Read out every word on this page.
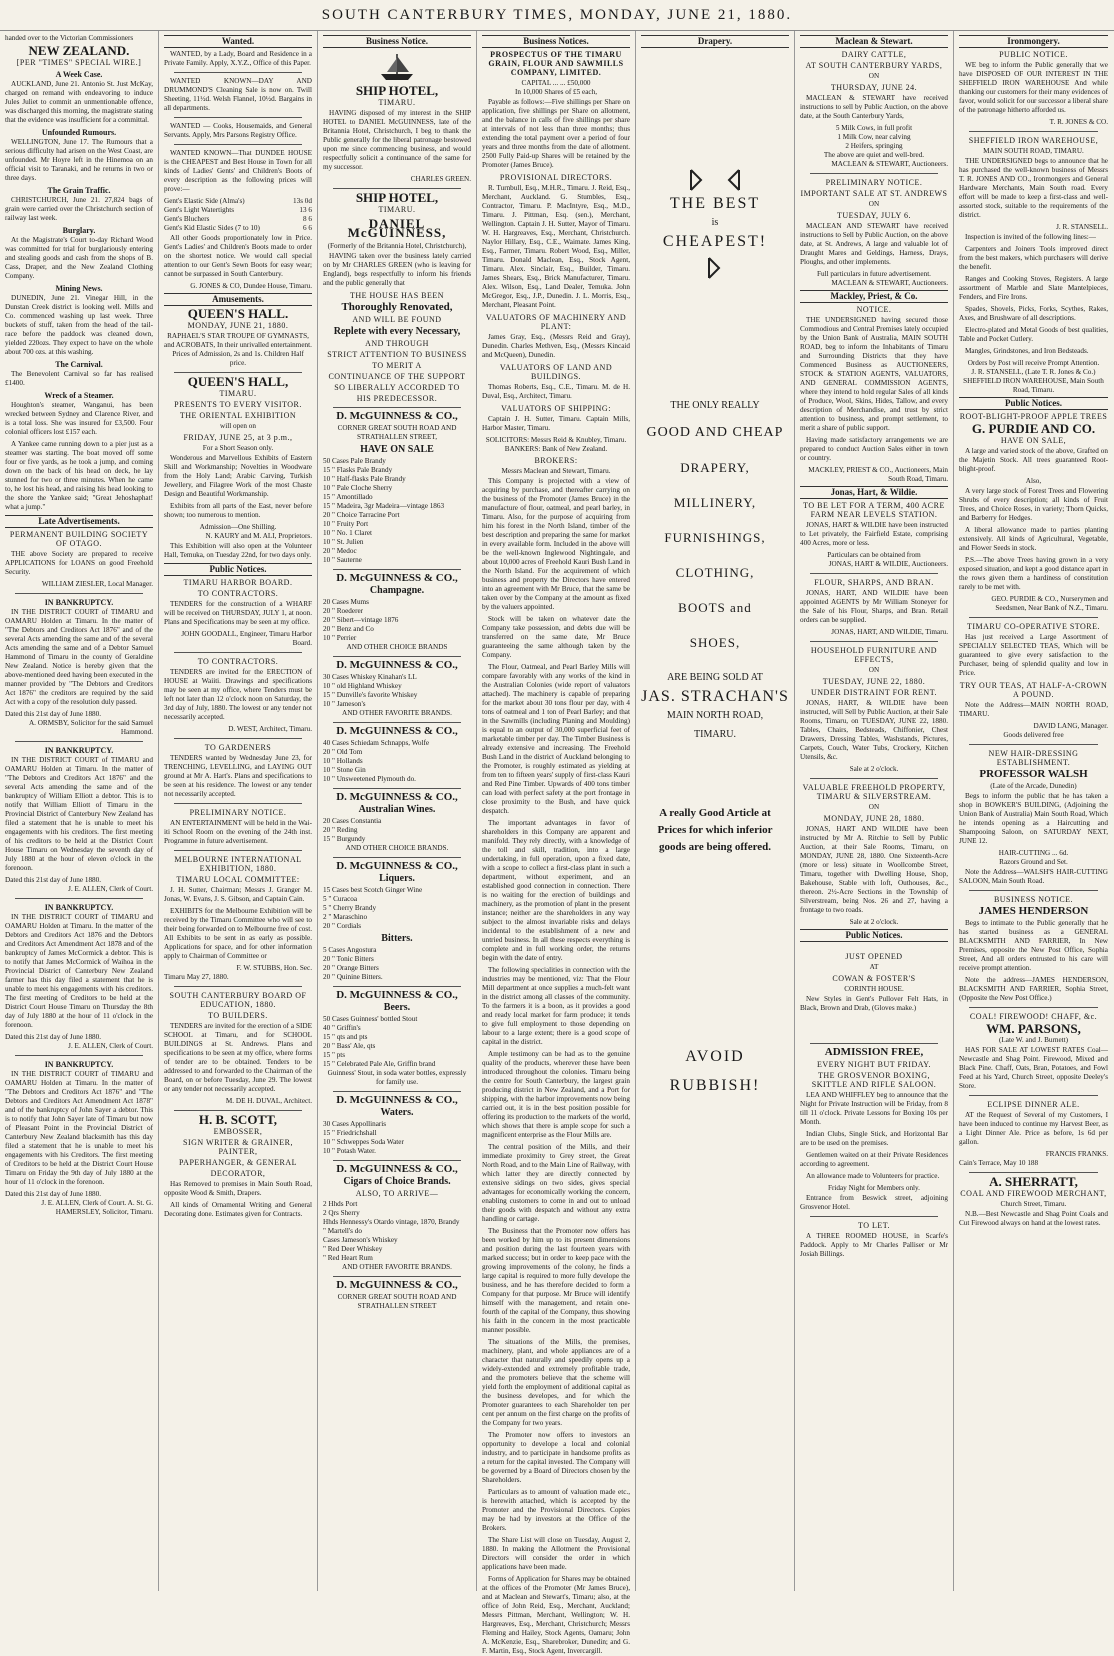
SOUTH CANTERBURY TIMES, MONDAY, JUNE 21, 1880.

handed over to the Victorian Commissioners

NEW ZEALAND.
[PER "TIMES" SPECIAL WIRE.]
A Week Case.

AUCKLAND, June 21. Antonio St. Just McKay, charged on remand with endeavoring to induce Jules Juliet to commit an unmentionable offence, was discharged this morning, the magistrate stating that the evidence was insufficient for a committal.

Unfounded Rumours.

WELLINGTON, June 17. The Rumours that a serious difficulty had arisen on the West Coast, are unfounded. Mr Hoyre left in the Hinemoa on an official visit to Taranaki, and he returns in two or three days.

The Grain Traffic.

CHRISTCHURCH, June 21. 27,824 bags of grain were carried over the Christchurch section of railway last week.

Burglary.

At the Magistrate's Court to-day Richard Wood was committed for trial for burglariously entering and stealing goods and cash from the shops of B. Cass, Draper, and the New Zealand Clothing Company.

Mining News.

DUNEDIN, June 21. Vinegar Hill, in the Dunstan Creek district is looking well. Mills and Co. commenced washing up last week. Three buckets of stuff, taken from the head of the tail-race before the paddock was cleaned down, yielded 220ozs. They expect to have on the whole about 700 ozs. at this washing.

The Carnival.

The Benevolent Carnival so far has realised £1400.

Wreck of a Steamer.

Houghton's steamer, Wanganui, has been wrecked between Sydney and Clarence River, and is a total loss. She was insured for £3,500. Four colonial officers lost £157 each.

A Yankee came running down to a pier just as a steamer was starting. The boat moved off some four or five yards, as he took a jump, and coming down on the back of his head on deck, he lay stunned for two or three minutes. When he came to, he lost his head, and raising his head looking to the shore the Yankee said; "Great Jehoshaphat! what a jump."

Late Advertisements.
PERMANENT BUILDING SOCIETY OF OTAGO.

THE above Society are prepared to receive APPLICATIONS for LOANS on good Freehold Security.

WILLIAM ZIESLER, Local Manager.
IN BANKRUPTCY.

IN THE DISTRICT COURT of TIMARU and OAMARU Holden at Timaru. In the matter of "The Debtors and Creditors Act 1876" and of the several Acts amending the same and of the several Acts amending the same and of a Debtor Samuel Hammond of Timaru in the county of Geraldine New Zealand. Notice is hereby given that the above-mentioned deed having been executed in the manner provided by "The Debtors and Creditors Act 1876" the creditors are required by the said Act with a copy of the resolution duly passed.

Dated this 21st day of June 1880.
A. ORMSBY, Solicitor for the said Samuel Hammond.
IN BANKRUPTCY.

IN THE DISTRICT COURT of TIMARU and OAMARU Holden at Timaru. In the matter of "The Debtors and Creditors Act 1876" and the several Acts amending the same and of the bankruptcy of William Elliott a debtor. This is to notify that William Elliott of Timaru in the Provincial District of Canterbury New Zealand has filed a statement that he is unable to meet his engagements with his creditors. The first meeting of his creditors to be held at the District Court House Timaru on Wednesday the seventh day of July 1880 at the hour of eleven o'clock in the forenoon.

Dated this 21st day of June 1880.
J. E. ALLEN, Clerk of Court.
IN BANKRUPTCY.

IN THE DISTRICT COURT of TIMARU and OAMARU Holden at Timaru. In the matter of the Debtors and Creditors Act 1876 and the Debtors and Creditors Act Amendment Act 1878 and of the bankruptcy of James McCormick a debtor. This is to notify that James McCormick of Waihoa in the Provincial District of Canterbury New Zealand farmer has this day filed a statement that he is unable to meet his engagements with his creditors. The first meeting of Creditors to be held at the District Court House Timaru on Thursday the 8th day of July 1880 at the hour of 11 o'clock in the forenoon.

Dated this 21st day of June 1880.
J. E. ALLEN, Clerk of Court.
IN BANKRUPTCY.

IN THE DISTRICT COURT of TIMARU and OAMARU Holden at Timaru. In the matter of "The Debtors and Creditors Act 1876" and "The Debtors and Creditors Act Amendment Act 1878" and of the bankruptcy of John Sayer a debtor. This is to notify that John Sayer late of Timaru but now of Pleasant Point in the Provincial District of Canterbury New Zealand blacksmith has this day filed a statement that he is unable to meet his engagements with his Creditors. The first meeting of Creditors to be held at the District Court House Timaru on Friday the 9th day of July 1880 at the hour of 11 o'clock in the forenoon.

Dated this 21st day of June 1880.
J. E. ALLEN, Clerk of Court. A. St. G. HAMERSLEY, Solicitor, Timaru.
Wanted.

WANTED, by a Lady, Board and Residence in a Private Family. Apply, X.Y.Z., Office of this Paper.

WANTED KNOWN—DAY AND DRUMMOND'S Cleaning Sale is now on. Twill Sheeting, 11½d. Welsh Flannel, 10½d. Bargains in all departments.

WANTED — Cooks, Housemaids, and General Servants. Apply, Mrs Parsons Registry Office.

WANTED KNOWN—That DUNDEE HOUSE is the CHEAPEST and Best House in Town for all kinds of Ladies' Gents' and Children's Boots of every description as the following prices will prove:—

Gent's Elastic Side (Alma's)	13s 0d
Gent's Light Watertights	13 6
Gent's Bluchers	8 6
Gent's Kid Elastic Sides (7 to 10)	6 6

All other Goods proportionately low in Price. Gent's Ladies' and Children's Boots made to order on the shortest notice. We would call special attention to our Gent's Sewn Boots for easy wear; cannot be surpassed in South Canterbury.

G. JONES & CO, Dundee House, Timaru.
Amusements.
QUEEN'S HALL.
MONDAY, JUNE 21, 1880.
RAPHAEL'S STAR TROUPE OF GYMNASTS, and ACROBATS, In their unrivalled entertainment.
Prices of Admission, 2s and 1s. Children Half price.
QUEEN'S HALL,
TIMARU.
PRESENTS TO EVERY VISITOR.
THE ORIENTAL EXHIBITION
will open on
FRIDAY, JUNE 25, at 3 p.m.,
For a Short Season only.

Wonderous and Marvellous Exhibits of Eastern Skill and Workmanship; Novelties in Woodware from the Holy Land; Arabic Carving, Turkish Jewellery, and Filagree Work of the most Chaste Design and Beautiful Workmanship.

Exhibits from all parts of the East, never before shown; too numerous to mention.

Admission—One Shilling.
N. KAURY and M. ALI, Proprietors.

This Exhibition will also open at the Volunteer Hall, Temuka, on Tuesday 22nd, for two days only.

Public Notices.
TIMARU HARBOR BOARD.
TO CONTRACTORS.

TENDERS for the construction of a WHARF will be received on THURSDAY, JULY 1, at noon. Plans and Specifications may be seen at my office.

JOHN GOODALL, Engineer, Timaru Harbor Board.
TO CONTRACTORS.

TENDERS are invited for the ERECTION of HOUSE at Waiiti. Drawings and specifications may be seen at my office, where Tenders must be left not later than 12 o'clock noon on Saturday, the 3rd day of July, 1880. The lowest or any tender not necessarily accepted.

D. WEST, Architect, Timaru.
TO GARDENERS

TENDERS wanted by Wednesday June 23, for TRENCHING, LEVELLING, and LAYING OUT ground at Mr A. Hart's. Plans and specifications to be seen at his residence. The lowest or any tender not necessarily accepted.

PRELIMINARY NOTICE.

AN ENTERTAINMENT will be held in the Wai-iti School Room on the evening of the 24th inst. Programme in future advertisement.

MELBOURNE INTERNATIONAL EXHIBITION, 1880.
TIMARU LOCAL COMMITTEE:

J. H. Sutter, Chairman; Messrs J. Granger M. Jonas, W. Evans, J. S. Gibson, and Captain Cain.

EXHIBITS for the Melbourne Exhibition will be received by the Timaru Committee who will see to their being forwarded on to Melbourne free of cost. All Exhibits to be sent in as early as possible. Applications for space, and for other information apply to Chairman of Committee or

F. W. STUBBS, Hon. Sec.
Timaru May 27, 1880.
SOUTH CANTERBURY BOARD OF EDUCATION, 1880.
TO BUILDERS.

TENDERS are invited for the erection of a SIDE SCHOOL at Timaru, and for SCHOOL BUILDINGS at St. Andrews. Plans and specifications to be seen at my office, where forms of tender are to be obtained. Tenders to be addressed to and forwarded to the Chairman of the Board, on or before Tuesday, June 29. The lowest or any tender not necessarily accepted.

M. DE H. DUVAL, Architect.
H. B. SCOTT,
EMBOSSER,
SIGN WRITER & GRAINER, PAINTER,
PAPERHANGER, & GENERAL
DECORATOR,

Has Removed to premises in Main South Road, opposite Wood & Smith, Drapers.

All kinds of Ornamental Writing and General Decorating done. Estimates given for Contracts.

Business Notice.
SHIP HOTEL,
TIMARU.

HAVING disposed of my interest in the SHIP HOTEL to DANIEL McGUINNESS, late of the Britannia Hotel, Christchurch, I beg to thank the Public generally for the liberal patronage bestowed upon me since commencing business, and would respectfully solicit a continuance of the same for my successor.

CHARLES GREEN.
SHIP HOTEL,
TIMARU.
DANIEL McGUINNESS,
(Formerly of the Britannia Hotel, Christchurch),

HAVING taken over the business lately carried on by Mr CHARLES GREEN (who is leaving for England), begs respectfully to inform his friends and the public generally that

THE HOUSE HAS BEEN
Thoroughly Renovated,
AND WILL BE FOUND
Replete with every Necessary,
AND THROUGH
STRICT ATTENTION TO BUSINESS
TO MERIT A
CONTINUANCE OF THE SUPPORT
SO LIBERALLY ACCORDED TO
HIS PREDECESSOR.
D. McGUINNESS & CO.,
CORNER GREAT SOUTH ROAD AND STRATHALLEN STREET,
HAVE ON SALE
50 Cases Pale Brandy
15 " Flasks Pale Brandy
10 " Half-flasks Pale Brandy
10 " Pale Cloche Sherry
15 " Amontillado
15 " Madeira, 3gr Madeira—vintage 1863
20 " Choice Tarracine Port
10 " Fruity Port
10 " No. 1 Claret
10 " St. Julien
20 " Medoc
10 " Sauterne
D. McGUINNESS & CO.,
Champagne.
20 Cases Mums
20 " Roederer
20 " Sibert—vintage 1876
20 " Benz and Co
10 " Perrier
AND OTHER CHOICE BRANDS
D. McGUINNESS & CO.,
30 Cases Whiskey Kinahan's LL
10 " old Highland Whiskey
15 " Dunville's favorite Whiskey
10 " Jameson's
AND OTHER FAVORITE BRANDS.
D. McGUINNESS & CO.,
40 Cases Schiedam Schnapps, Wolfe
20 " Old Tom
10 " Hollands
10 " Stone Gin
10 " Unsweetened Plymouth do.
D. McGUINNESS & CO.,
Australian Wines.
20 Cases Constantia
20 " Reding
15 " Burgundy
AND OTHER CHOICE BRANDS.
D. McGUINNESS & CO.,
Liquers.
15 Cases best Scotch Ginger Wine
5 " Curacoa
5 " Cherry Brandy
2 " Maraschino
20 " Cordials
Bitters.
5 Cases Angostura
20 " Tonic Bitters
20 " Orange Bitters
20 " Quinine Bitters.
D. McGUINNESS & CO.,
Beers.
50 Cases Guinness' bottled Stout
40 " Griffin's
15 " qts and pts
20 " Bass' Ale, qts
15 " pts
15 " Celebrated Pale Ale, Griffin brand
Guinness' Stout, in soda water bottles, expressly for family use.
D. McGUINNESS & CO.,
Waters.
30 Cases Appollinaris
15 " Friedrichshall
10 " Schweppes Soda Water
10 " Potash Water.
D. McGUINNESS & CO.,
Cigars of Choice Brands.
ALSO, TO ARRIVE—
2 Hhds Port
2 Qrs Sherry
Hhds Hennessy's Otardo vintage, 1870, Brandy
" Martell's do
Cases Jameson's Whiskey
" Red Deer Whiskey
" Red Heart Rum
AND OTHER FAVORITE BRANDS.
D. McGUINNESS & CO.,
CORNER GREAT SOUTH ROAD AND STRATHALLEN STREET
Business Notices.
PROSPECTUS OF THE TIMARU GRAIN, FLOUR AND SAWMILLS COMPANY, LIMITED.
CAPITAL ... ... £50,000
In 10,000 Shares of £5 each,

Payable as follows:—Five shillings per Share on application, five shillings per Share on allotment, and the balance in calls of five shillings per share at intervals of not less than three months; thus extending the total payment over a period of four years and three months from the date of allotment. 2500 Fully Paid-up Shares will be retained by the Promoter (James Bruce).

PROVISIONAL DIRECTORS.

R. Turnbull, Esq., M.H.R., Timaru. J. Reid, Esq., Merchant, Auckland. G. Stumbles, Esq., Contractor, Timaru. P. MacIntyre, Esq., M.D., Timaru. J. Pittman, Esq. (sen.), Merchant, Wellington. Captain J. H. Sutter, Mayor of Timaru. W. H. Hargreaves, Esq., Merchant, Christchurch. Naylor Hillary, Esq., C.E., Waimate. James King, Esq., Farmer, Timaru. Robert Wood, Esq., Miller, Timaru. Donald Maclean, Esq., Stock Agent, Timaru. Alex. Sinclair, Esq., Builder, Timaru. James Shears, Esq., Brick Manufacturer, Timaru. Alex. Wilson, Esq., Land Dealer, Temuka. John McGregor, Esq., J.P., Dunedin. J. L. Morris, Esq., Merchant, Pleasant Point.

VALUATORS OF MACHINERY AND PLANT:

James Gray, Esq., (Messrs Reid and Gray), Dunedin. Charles Methven, Esq., (Messrs Kincaid and McQueen), Dunedin.

VALUATORS OF LAND AND BUILDINGS.

Thomas Roberts, Esq., C.E., Timaru. M. de H. Duval, Esq., Architect, Timaru.

VALUATORS OF SHIPPING:

Captain J. H. Sutter, Timaru. Captain Mills, Harbor Master, Timaru.

SOLICITORS: Messrs Reid & Knubley, Timaru.
BANKERS: Bank of New Zealand.
BROKERS:
Messrs Maclean and Stewart, Timaru.

This Company is projected with a view of acquiring by purchase, and thereafter carrying on the business of the Promoter (James Bruce) in the manufacture of flour, oatmeal, and pearl barley, in Timaru. Also, for the purpose of acquiring from him his forest in the North Island, timber of the best description and preparing the same for market in every available form. Included in the above will be the well-known Inglewood Nightingale, and about 10,000 acres of Freehold Kauri Bush Land in the North Island. For the acquirement of which business and property the Directors have entered into an agreement with Mr Bruce, that the same be taken over by the Company at the amount as fixed by the valuers appointed.

Stock will be taken on whatever date the Company take possession, and debts due will be transferred on the same date, Mr Bruce guaranteeing the same although taken by the Company.

The Flour, Oatmeal, and Pearl Barley Mills will compare favorably with any works of the kind in the Australian Colonies (wide report of valuators attached). The machinery is capable of preparing for the market about 30 tons flour per day, with 4 tons of oatmeal and 1 ton of Pearl Barley; and that in the Sawmills (including Planing and Moulding) is equal to an output of 30,000 superficial feet of marketable timber per day. The Timber Business is already extensive and increasing. The Freehold Bush Land in the district of Auckland belonging to the Promoter, is roughly estimated as yielding at from ten to fifteen years' supply of first-class Kauri and Red Pine Timber. Upwards of 400 tons timber can load with perfect safety at the port frontage in close proximity to the Bush, and have quick despatch.

The important advantages in favor of shareholders in this Company are apparent and manifold. They rely directly, with a knowledge of the toll and skill, tradition, into a large undertaking, in full operation, upon a fixed date, with a scope to collect a first-class plant in such a department, without experiment, and an established good connection in connection. There is no waiting for the erection of buildings and machinery, as the promotion of plant in the present instance; neither are the shareholders in any way subject to the almost invariable risks and delays incidental to the establishment of a new and untried business. In all these respects everything is complete and in full working order, the returns begin with the date of entry.

The following specialities in connection with the industries may be mentioned, viz: That the Flour Mill department at once supplies a much-felt want in the district among all classes of the community. To the farmers it is a boon, as it provides a good and ready local market for farm produce; it tends to give full employment to those depending on labour to a large extent; there is a good scope of capital in the district.

Ample testimony can be had as to the genuine quality of the products, wherever these have been introduced throughout the colonies. Timaru being the centre for South Canterbury, the largest grain producing district in New Zealand, and a Port for shipping, with the harbor improvements now being carried out, it is in the best position possible for offering its production to the markets of the world, which shows that there is ample scope for such a magnificent enterprise as the Flour Mills are.

The central position of the Mills, and their immediate proximity to Grey street, the Great North Road, and to the Main Line of Railway, with which latter they are directly connected by extensive sidings on two sides, gives special advantages for economically working the concern, enabling customers to come in and out to unload their goods with despatch and without any extra handling or cartage.

The Business that the Promoter now offers has been worked by him up to its present dimensions and position during the last fourteen years with marked success; but in order to keep pace with the growing improvements of the colony, he finds a large capital is required to more fully develope the business, and he has therefore decided to form a Company for that purpose. Mr Bruce will identify himself with the management, and retain one-fourth of the capital of the Company, thus showing his faith in the concern in the most practicable manner possible.

The situations of the Mills, the premises, machinery, plant, and whole appliances are of a character that naturally and speedily opens up a widely-extended and extremely profitable trade, and the promoters believe that the scheme will yield forth the employment of additional capital as the business developes, and for which the Promoter guarantees to each Shareholder ten per cent per annum on the first charge on the profits of the Company for two years.

The Promoter now offers to investors an opportunity to develope a local and colonial industry, and to participate in handsome profits as a return for the capital invested. The Company will be governed by a Board of Directors chosen by the Shareholders.

Particulars as to amount of valuation made etc., is herewith attached, which is accepted by the Promoter and the Provisional Directors. Copies may be had by investors at the Office of the Brokers.

The Share List will close on Tuesday, August 2, 1880. In making the Allotment the Provisional Directors will consider the order in which applications have been made.

Forms of Application for Shares may be obtained at the offices of the Promoter (Mr James Bruce), and at Maclean and Stewart's, Timaru; also, at the office of John Reid, Esq., Merchant, Auckland; Messrs Pittman, Merchant, Wellington; W. H. Hargreaves, Esq., Merchant, Christchurch; Messrs Fleming and Hailey, Stock Agents, Oamaru; John A. McKenzie, Esq., Sharebroker, Dunedin; and G. F. Martin, Esq., Stock Agent, Invercargill.

Drapery.
THE BEST
is
CHEAPEST!
THE ONLY REALLY
GOOD AND CHEAP
DRAPERY,
MILLINERY,
FURNISHINGS,
CLOTHING,
BOOTS and
SHOES,
ARE BEING SOLD AT
JAS. STRACHAN'S
MAIN NORTH ROAD,
TIMARU.
A really Good Article at
Prices for which inferior
goods are being offered.
AVOID
RUBBISH!
Maclean & Stewart.
DAIRY CATTLE,
AT SOUTH CANTERBURY YARDS,
ON
THURSDAY, JUNE 24.

MACLEAN & STEWART have received instructions to sell by Public Auction, on the above date, at the South Canterbury Yards,

5 Milk Cows, in full profit
1 Milk Cow, near calving
2 Heifers, springing
The above are quiet and well-bred.
MACLEAN & STEWART, Auctioneers.
PRELIMINARY NOTICE.
IMPORTANT SALE AT ST. ANDREWS
ON
TUESDAY, JULY 6.

MACLEAN AND STEWART have received instructions to Sell by Public Auction, on the above date, at St. Andrews, A large and valuable lot of Draught Mares and Geldings, Harness, Drays, Ploughs, and other implements.

Full particulars in future advertisement.
MACLEAN & STEWART, Auctioneers.
Mackley, Priest, & Co.
NOTICE.

THE UNDERSIGNED having secured those Commodious and Central Premises lately occupied by the Union Bank of Australia, MAIN SOUTH ROAD, beg to inform the Inhabitants of Timaru and Surrounding Districts that they have Commenced Business as AUCTIONEERS, STOCK & STATION AGENTS, VALUATORS, AND GENERAL COMMISSION AGENTS, where they intend to hold regular Sales of all kinds of Produce, Wool, Skins, Hides, Tallow, and every description of Merchandise, and trust by strict attention to business, and prompt settlement, to merit a share of public support.

Having made satisfactory arrangements we are prepared to conduct Auction Sales either in town or country.

MACKLEY, PRIEST & CO., Auctioneers, Main South Road, Timaru.
Jonas, Hart, & Wildie.
TO BE LET FOR A TERM, 400 ACRE FARM NEAR LEVELS STATION.

JONAS, HART & WILDIE have been instructed to Let privately, the Fairfield Estate, comprising 400 Acres, more or less.

Particulars can be obtained from
JONAS, HART & WILDIE, Auctioneers.
FLOUR, SHARPS, AND BRAN.

JONAS, HART, AND WILDIE have been appointed AGENTS by Mr William Stoneyer for the Sale of his Flour, Sharps, and Bran. Retail orders can be supplied.

JONAS, HART, AND WILDIE, Timaru.
HOUSEHOLD FURNITURE AND EFFECTS,
ON
TUESDAY, JUNE 22, 1880.
UNDER DISTRAINT FOR RENT.

JONAS, HART, & WILDIE have been instructed, will Sell by Public Auction, at their Sale Rooms, Timaru, on TUESDAY, JUNE 22, 1880. Tables, Chairs, Bedsteads, Chiffonier, Chest Drawers, Dressing Tables, Washstands, Pictures, Carpets, Couch, Water Tubs, Crockery, Kitchen Utensils, &c.

Sale at 2 o'clock.
VALUABLE FREEHOLD PROPERTY, TIMARU & SILVERSTREAM.
ON
MONDAY, JUNE 28, 1880.

JONAS, HART AND WILDIE have been instructed by Mr A. Ritchie to Sell by Public Auction, at their Sale Rooms, Timaru, on MONDAY, JUNE 28, 1880. One Sixteenth-Acre (more or less) situate in Woollcombe Street, Timaru, together with Dwelling House, Shop, Bakehouse, Stable with loft, Outhouses, &c., thereon. 2½-Acre Sections in the Township of Silverstream, being Nos. 26 and 27, having a frontage to two roads.

Sale at 2 o'clock.
Public Notices.
JUST OPENED
AT
COWAN & FOSTER'S
CORINTH HOUSE.

New Styles in Gent's Pullover Felt Hats, in Black, Brown and Drab, (Gloves make.)

ADMISSION FREE,
EVERY NIGHT BUT FRIDAY.
THE GROSVENOR BOXING, SKITTLE AND RIFLE SALOON.

LEA AND WHIFFLEY beg to announce that the Night for Private Instruction will be Friday, from 8 till 11 o'clock. Private Lessons for Boxing 10s per Month.

Indian Clubs, Single Stick, and Horizontal Bar are to be used on the premises.

Gentlemen waited on at their Private Residences according to agreement.

An allowance made to Volunteers for practice.

Friday Night for Members only.

Entrance from Beswick street, adjoining Grosvenor Hotel.

TO LET.

A THREE ROOMED HOUSE, in Scarfe's Paddock. Apply to Mr Charles Palliser or Mr Josiah Billings.

Ironmongery.
PUBLIC NOTICE.

WE beg to inform the Public generally that we have DISPOSED OF OUR INTEREST IN THE SHEFFIELD IRON WAREHOUSE And while thanking our customers for their many evidences of favor, would solicit for our successor a liberal share of the patronage hitherto afforded us.

T. R. JONES & CO.
SHEFFIELD IRON WAREHOUSE,
MAIN SOUTH ROAD, TIMARU.

THE UNDERSIGNED begs to announce that he has purchased the well-known business of Messrs T. R. JONES AND CO., Ironmongers and General Hardware Merchants, Main South road. Every effort will be made to keep a first-class and well-assorted stock, suitable to the requirements of the district.

J. R. STANSELL.

Inspection is invited of the following lines:—

Carpenters and Joiners Tools improved direct from the best makers, which purchasers will derive the benefit.

Ranges and Cooking Stoves, Registers. A large assortment of Marble and Slate Mantelpieces, Fenders, and Fire Irons.

Spades, Shovels, Picks, Forks, Scythes, Rakes, Axes, and Brushware of all descriptions.

Electro-plated and Metal Goods of best qualities, Table and Pocket Cutlery.

Mangles, Grindstones, and Iron Bedsteads.

Orders by Post will receive Prompt Attention.
J. R. STANSELL, (Late T. R. Jones & Co.) SHEFFIELD IRON WAREHOUSE, Main South Road, Timaru.
Public Notices.
ROOT-BLIGHT-PROOF APPLE TREES
G. PURDIE AND CO.
HAVE ON SALE,

A large and varied stock of the above, Grafted on the Majetin Stock. All trees guaranteed Root-blight-proof.

Also,

A very large stock of Forest Trees and Flowering Shrubs of every description; all kinds of Fruit Trees, and Choice Roses, in variety; Thorn Quicks, and Barberry for Hedges.

A liberal allowance made to parties planting extensively. All kinds of Agricultural, Vegetable, and Flower Seeds in stock.

P.S.—The above Trees having grown in a very exposed situation, and kept a good distance apart in the rows given them a hardiness of constitution rarely to be met with.

GEO. PURDIE & CO., Nurserymen and Seedsmen, Near Bank of N.Z., Timaru.
TIMARU CO-OPERATIVE STORE.

Has just received a Large Assortment of SPECIALLY SELECTED TEAS, Which will be guaranteed to give every satisfaction to the Purchaser, being of splendid quality and low in Price.

TRY OUR TEAS, AT HALF-A-CROWN A POUND.

Note the Address—MAIN NORTH ROAD, TIMARU.

DAVID LANG, Manager.
Goods delivered free
NEW HAIR-DRESSING ESTABLISHMENT.
PROFESSOR WALSH
(Late of the Arcade, Dunedin)

Begs to inform the public that he has taken a shop in BOWKER'S BUILDING, (Adjoining the Union Bank of Australia) Main South Road, Which he intends opening as a Haircutting and Shampooing Saloon, on SATURDAY NEXT, JUNE 12.

HAIR-CUTTING ... 6d.
Razors Ground and Set.

Note the Address—WALSH'S HAIR-CUTTING SALOON, Main South Road.

BUSINESS NOTICE.
JAMES HENDERSON

Begs to intimate to the Public generally that he has started business as a GENERAL BLACKSMITH AND FARRIER, In New Premises, opposite the New Post Office, Sophia Street, And all orders entrusted to his care will receive prompt attention.

Note the address—JAMES HENDERSON, BLACKSMITH AND FARRIER, Sophia Street, (Opposite the New Post Office.)

COAL! FIREWOOD! CHAFF, &c.
WM. PARSONS,
(Late W. and J. Burnett)

HAS FOR SALE AT LOWEST RATES Coal—Newcastle and Shag Point. Firewood, Mixed and Black Pine. Chaff, Oats, Bran, Potatoes, and Fowl Feed at his Yard, Church Street, opposite Deeley's Store.

ECLIPSE DINNER ALE.

AT the Request of Several of my Customers, I have been induced to continue my Harvest Beer, as a Light Dinner Ale. Price as before, 1s 6d per gallon.

FRANCIS FRANKS.
Cain's Terrace, May 10 188
A. SHERRATT,
COAL AND FIREWOOD MERCHANT,
Church Street, Timaru.

N.B.—Best Newcastle and Shag Point Coals and Cut Firewood always on hand at the lowest rates.
